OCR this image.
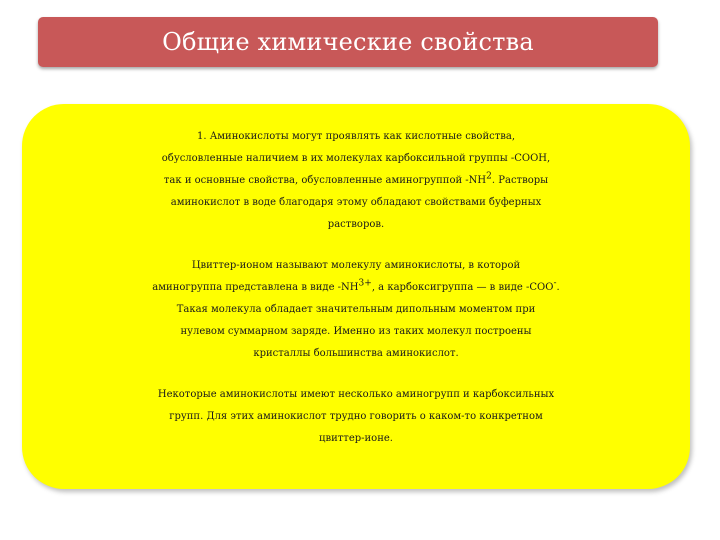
Общие химические свойства

1. Аминокислоты могут проявлять как кислотные свойства,
обусловленные наличием в их молекулах карбоксильной группы -COOH,
так и основные свойства, обусловленные аминогруппой $-NH^2$. Растворы
аминокислот в воде благодаря этому обладают свойствами буферных
растворов.

Цвиттер-ионом называют молекулу аминокислоты, в которой
аминогруппа представлена в виде $-NH^{3+}$, а карбоксигруппа — в виде -COO-.
Такая молекула обладает значительным дипольным моментом при
нулевом суммарном заряде. Именно из таких молекул построены
кристаллы большинства аминокислот.

Некоторые аминокислоты имеют несколько аминогрупп и карбоксильных
групп. Для этих аминокислот трудно говорить о каком-то конкретном
цвиттер-ионе.
